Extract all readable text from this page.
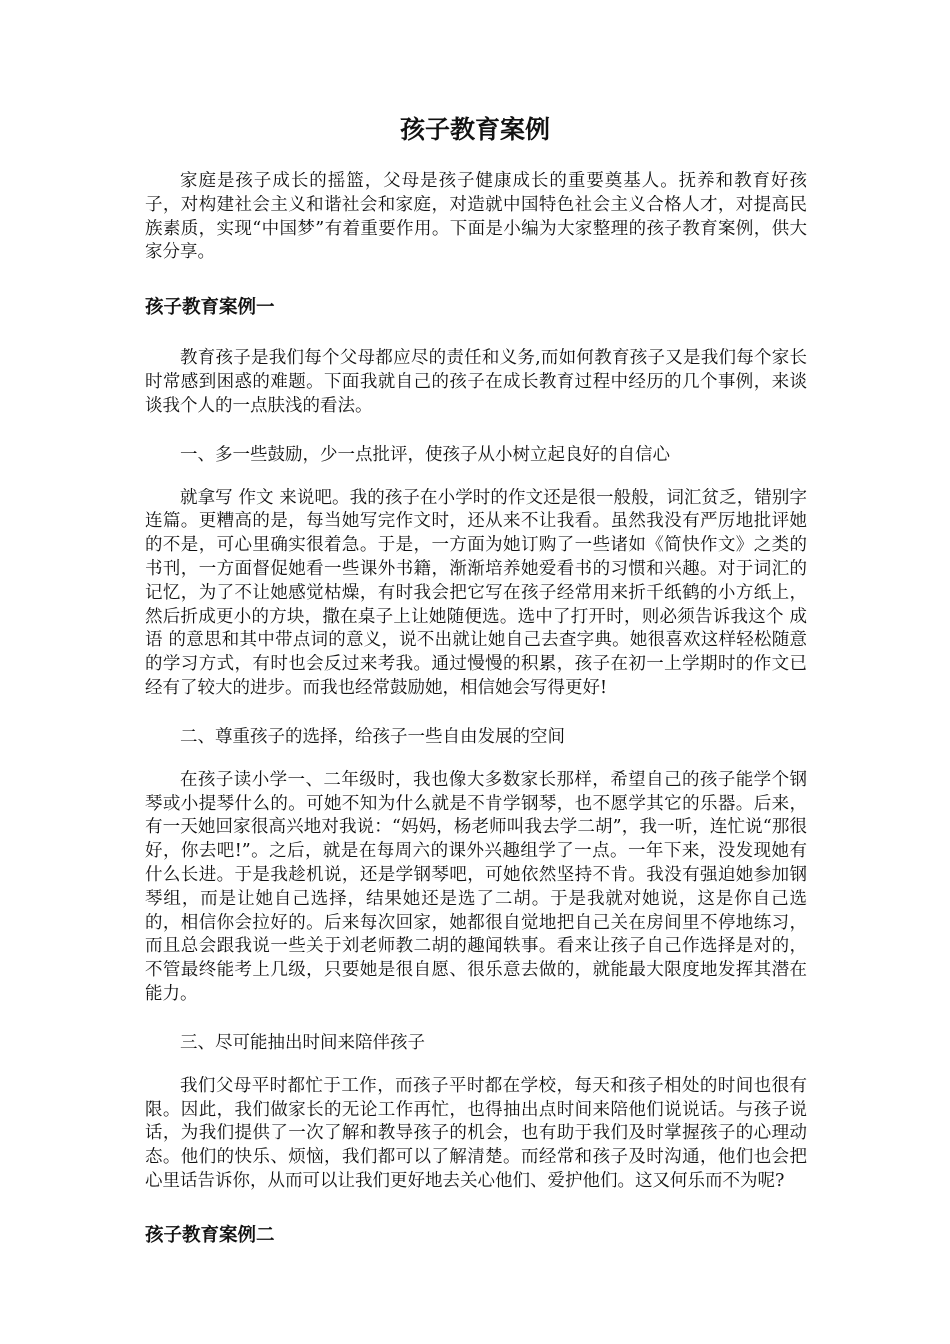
孩子教育案例

家庭是孩子成长的摇篮，父母是孩子健康成长的重要奠基人。抚养和教育好孩子，对构建社会主义和谐社会和家庭，对造就中国特色社会主义合格人才，对提高民族素质，实现“中国梦”有着重要作用。下面是小编为大家整理的孩子教育案例，供大家分享。

孩子教育案例一

教育孩子是我们每个父母都应尽的责任和义务,而如何教育孩子又是我们每个家长时常感到困惑的难题。下面我就自己的孩子在成长教育过程中经历的几个事例，来谈谈我个人的一点肤浅的看法。

一、多一些鼓励，少一点批评，使孩子从小树立起良好的自信心

就拿写 作文 来说吧。我的孩子在小学时的作文还是很一般般，词汇贫乏，错别字连篇。更糟高的是，每当她写完作文时，还从来不让我看。虽然我没有严厉地批评她的不是，可心里确实很着急。于是，一方面为她订购了一些诸如《简快作文》之类的书刊，一方面督促她看一些课外书籍，渐渐培养她爱看书的习惯和兴趣。对于词汇的记忆，为了不让她感觉枯燥，有时我会把它写在孩子经常用来折千纸鹤的小方纸上，然后折成更小的方块，撒在桌子上让她随便选。选中了打开时，则必须告诉我这个 成语 的意思和其中带点词的意义，说不出就让她自己去查字典。她很喜欢这样轻松随意的学习方式，有时也会反过来考我。通过慢慢的积累，孩子在初一上学期时的作文已经有了较大的进步。而我也经常鼓励她，相信她会写得更好!

二、尊重孩子的选择，给孩子一些自由发展的空间

在孩子读小学一、二年级时，我也像大多数家长那样，希望自己的孩子能学个钢琴或小提琴什么的。可她不知为什么就是不肯学钢琴，也不愿学其它的乐器。后来，有一天她回家很高兴地对我说：“妈妈，杨老师叫我去学二胡”，我一听，连忙说“那很好，你去吧!”。之后，就是在每周六的课外兴趣组学了一点。一年下来，没发现她有什么长进。于是我趁机说，还是学钢琴吧，可她依然坚持不肯。我没有强迫她参加钢琴组，而是让她自己选择，结果她还是选了二胡。于是我就对她说，这是你自己选的，相信你会拉好的。后来每次回家，她都很自觉地把自己关在房间里不停地练习，而且总会跟我说一些关于刘老师教二胡的趣闻轶事。看来让孩子自己作选择是对的，不管最终能考上几级，只要她是很自愿、很乐意去做的，就能最大限度地发挥其潜在能力。

三、尽可能抽出时间来陪伴孩子

我们父母平时都忙于工作，而孩子平时都在学校，每天和孩子相处的时间也很有限。因此，我们做家长的无论工作再忙，也得抽出点时间来陪他们说说话。与孩子说话，为我们提供了一次了解和教导孩子的机会，也有助于我们及时掌握孩子的心理动态。他们的快乐、烦恼，我们都可以了解清楚。而经常和孩子及时沟通，他们也会把心里话告诉你，从而可以让我们更好地去关心他们、爱护他们。这又何乐而不为呢?

孩子教育案例二
